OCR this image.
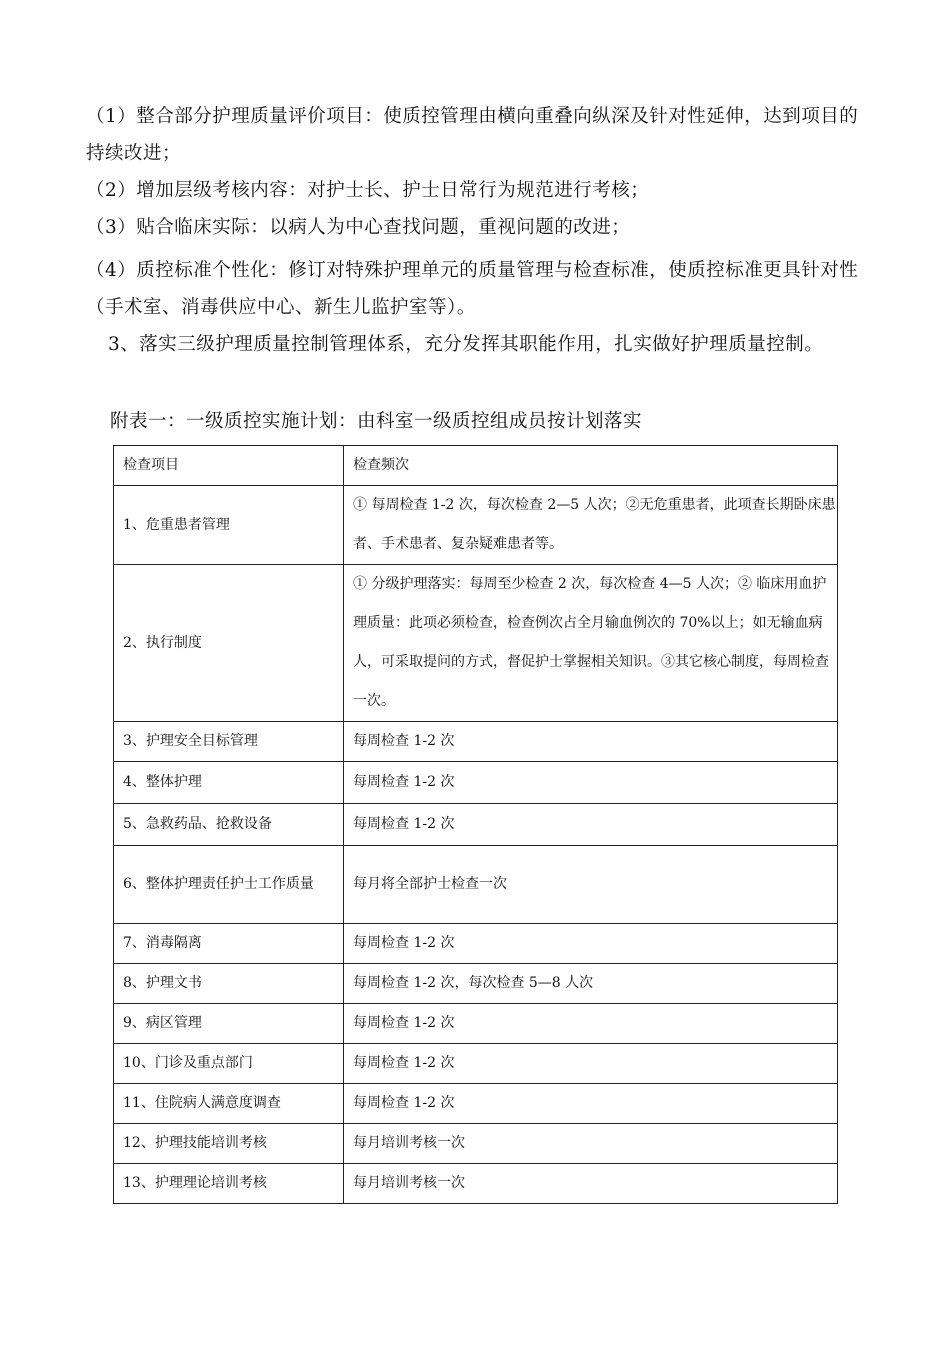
（1）整合部分护理质量评价项目：使质控管理由横向重叠向纵深及针对性延伸，达到项目的持续改进；

（2）增加层级考核内容：对护士长、护士日常行为规范进行考核；

（3）贴合临床实际：以病人为中心查找问题，重视问题的改进；

（4）质控标准个性化：修订对特殊护理单元的质量管理与检查标准，使质控标准更具针对性（手术室、消毒供应中心、新生儿监护室等）。

3、落实三级护理质量控制管理体系，充分发挥其职能作用，扎实做好护理质量控制。

附表一：一级质控实施计划：由科室一级质控组成员按计划落实

检查项目	检查频次
1、危重患者管理	① 每周检查 1-2 次，每次检查 2—5 人次；②无危重患者，此项查长期卧床患者、手术患者、复杂疑难患者等。
2、执行制度	① 分级护理落实：每周至少检查 2 次，每次检查 4—5 人次；② 临床用血护理质量：此项必须检查，检查例次占全月输血例次的 70%以上；如无输血病人，可采取提问的方式，督促护士掌握相关知识。③其它核心制度，每周检查一次。
3、护理安全目标管理	每周检查 1-2 次
4、整体护理	每周检查 1-2 次
5、急救药品、抢救设备	每周检查 1-2 次
6、整体护理责任护士工作质量	每月将全部护士检查一次
7、消毒隔离	每周检查 1-2 次
8、护理文书	每周检查 1-2 次，每次检查 5—8 人次
9、病区管理	每周检查 1-2 次
10、门诊及重点部门	每周检查 1-2 次
11、住院病人满意度调查	每周检查 1-2 次
12、护理技能培训考核	每月培训考核一次
13、护理理论培训考核	每月培训考核一次
